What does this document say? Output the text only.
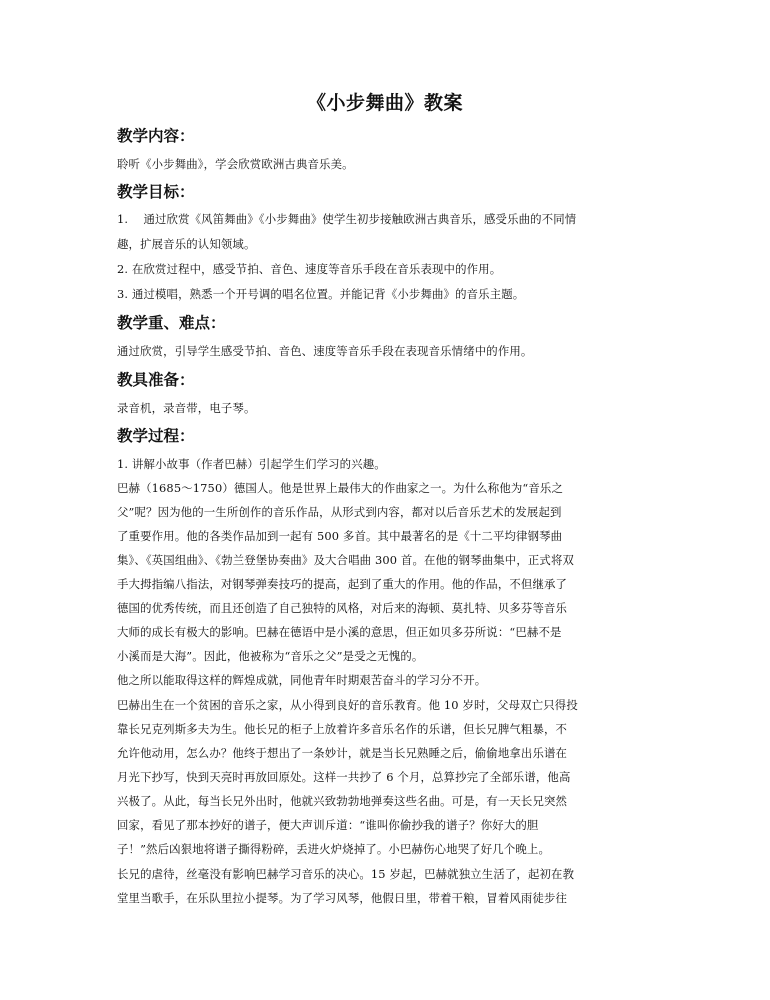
《小步舞曲》教案
教学内容：
聆听《小步舞曲》，学会欣赏欧洲古典音乐美。
教学目标：
1.　 通过欣赏《风笛舞曲》《小步舞曲》使学生初步接触欧洲古典音乐，感受乐曲的不同情
趣，扩展音乐的认知领域。
2. 在欣赏过程中，感受节拍、音色、速度等音乐手段在音乐表现中的作用。
3. 通过模唱，熟悉一个开号调的唱名位置。并能记背《小步舞曲》的音乐主题。
教学重、难点：
通过欣赏，引导学生感受节拍、音色、速度等音乐手段在表现音乐情绪中的作用。
教具准备：
录音机，录音带，电子琴。
教学过程：
1. 讲解小故事（作者巴赫）引起学生们学习的兴趣。
巴赫（1685～1750）德国人。他是世界上最伟大的作曲家之一。为什么称他为“音乐之
父”呢？因为他的一生所创作的音乐作品，从形式到内容，都对以后音乐艺术的发展起到
了重要作用。他的各类作品加到一起有 500 多首。其中最著名的是《十二平均律钢琴曲
集》、《英国组曲》、《勃兰登堡协奏曲》及大合唱曲 300 首。在他的钢琴曲集中，正式将双
手大拇指编八指法，对钢琴弹奏技巧的提高，起到了重大的作用。他的作品，不但继承了
德国的优秀传统，而且还创造了自己独特的风格，对后来的海顿、莫扎特、贝多芬等音乐
大师的成长有极大的影响。巴赫在德语中是小溪的意思，但正如贝多芬所说：“巴赫不是
小溪而是大海”。因此，他被称为“音乐之父”是受之无愧的。
他之所以能取得这样的辉煌成就，同他青年时期艰苦奋斗的学习分不开。
巴赫出生在一个贫困的音乐之家，从小得到良好的音乐教育。他 10 岁时，父母双亡只得投
靠长兄克列斯多夫为生。他长兄的柜子上放着许多音乐名作的乐谱，但长兄脾气粗暴，不
允许他动用，怎么办？他终于想出了一条妙计，就是当长兄熟睡之后，偷偷地拿出乐谱在
月光下抄写，快到天亮时再放回原处。这样一共抄了 6 个月，总算抄完了全部乐谱，他高
兴极了。从此，每当长兄外出时，他就兴致勃勃地弹奏这些名曲。可是，有一天长兄突然
回家，看见了那本抄好的谱子，便大声训斥道：“谁叫你偷抄我的谱子？你好大的胆
子！”然后凶狠地将谱子撕得粉碎，丢进火炉烧掉了。小巴赫伤心地哭了好几个晚上。
长兄的虐待，丝毫没有影响巴赫学习音乐的决心。15 岁起，巴赫就独立生活了，起初在教
堂里当歌手，在乐队里拉小提琴。为了学习风琴，他假日里，带着干粮，冒着风雨徒步往
